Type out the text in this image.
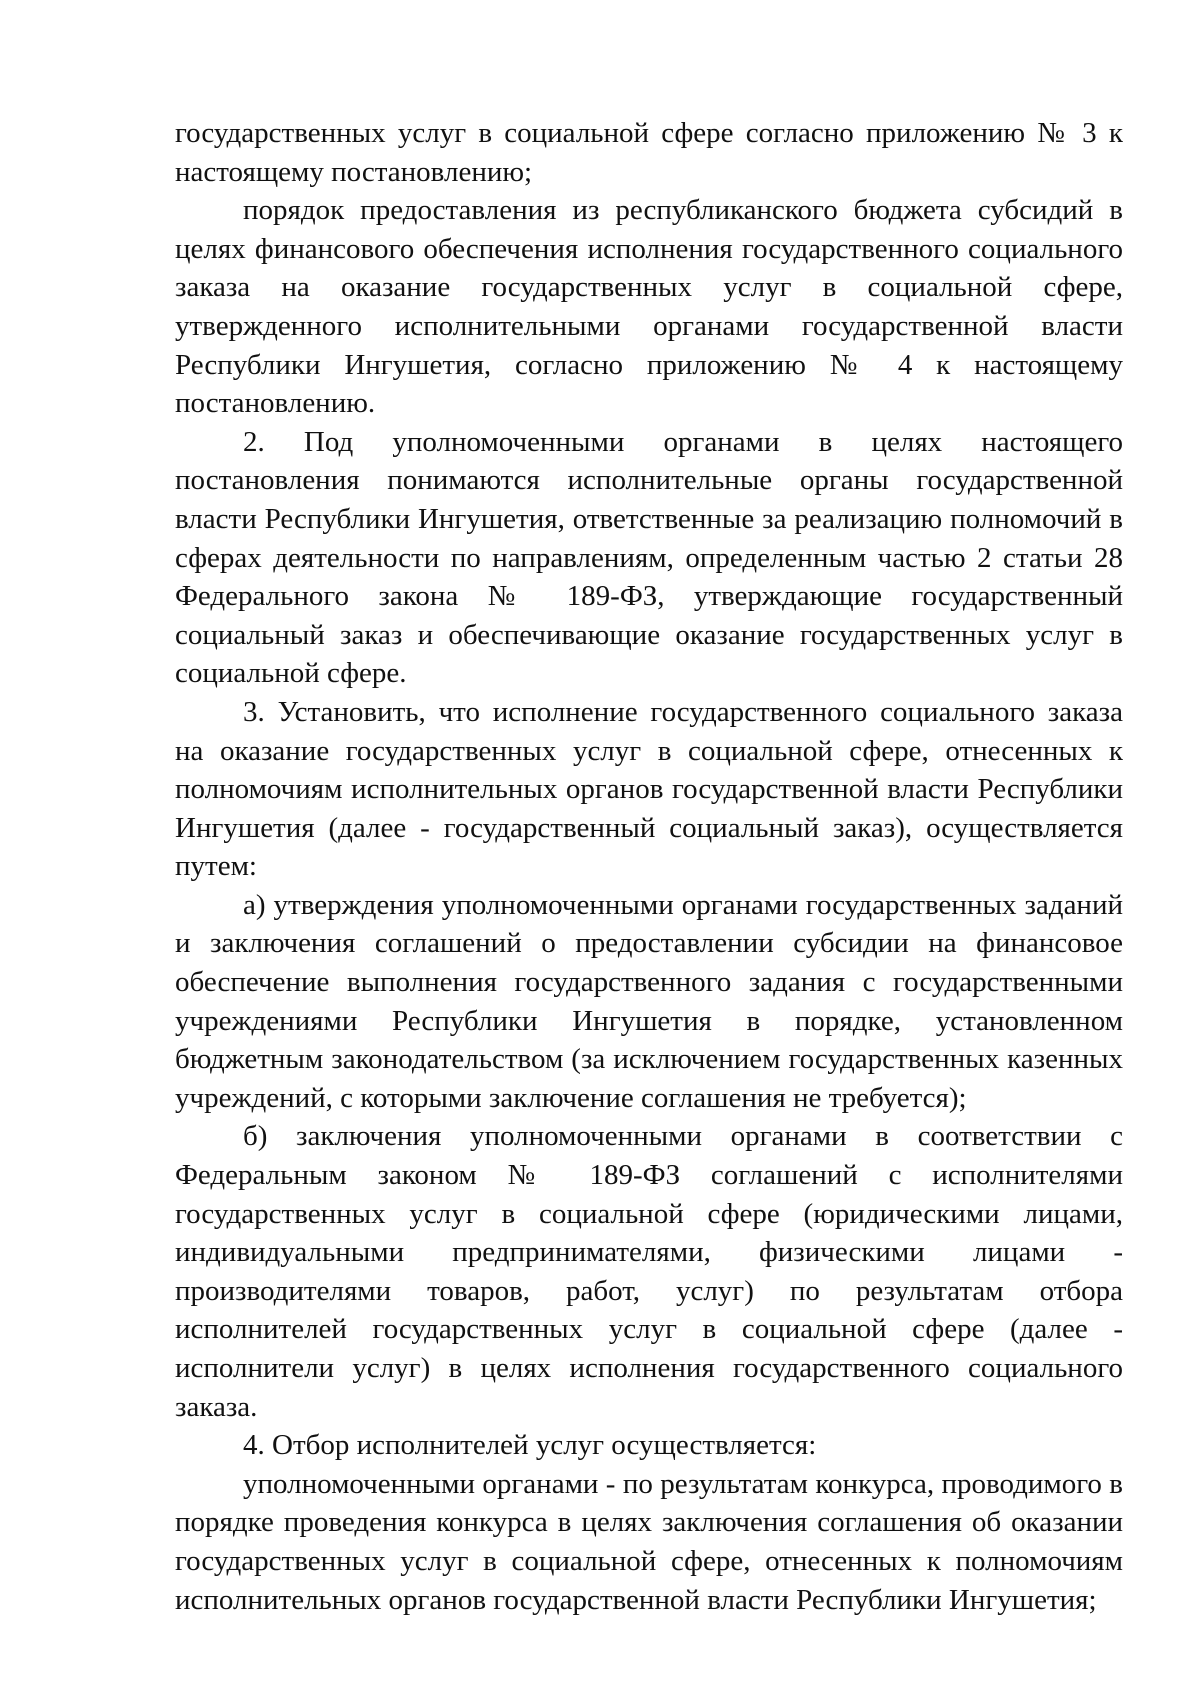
государственных услуг в социальной сфере согласно приложению № 3 к настоящему постановлению;

порядок предоставления из республиканского бюджета субсидий в целях финансового обеспечения исполнения государственного социального заказа на оказание государственных услуг в социальной сфере, утвержденного исполнительными органами государственной власти Республики Ингушетия, согласно приложению № 4 к настоящему постановлению.

2. Под уполномоченными органами в целях настоящего постановления понимаются исполнительные органы государственной власти Республики Ингушетия, ответственные за реализацию полномочий в сферах деятельности по направлениям, определенным частью 2 статьи 28 Федерального закона № 189-ФЗ, утверждающие государственный социальный заказ и обеспечивающие оказание государственных услуг в социальной сфере.

3. Установить, что исполнение государственного социального заказа на оказание государственных услуг в социальной сфере, отнесенных к полномочиям исполнительных органов государственной власти Республики Ингушетия (далее - государственный социальный заказ), осуществляется путем:

а) утверждения уполномоченными органами государственных заданий и заключения соглашений о предоставлении субсидии на финансовое обеспечение выполнения государственного задания с государственными учреждениями Республики Ингушетия в порядке, установленном бюджетным законодательством (за исключением государственных казенных учреждений, с которыми заключение соглашения не требуется);

б) заключения уполномоченными органами в соответствии с Федеральным законом № 189-ФЗ соглашений с исполнителями государственных услуг в социальной сфере (юридическими лицами, индивидуальными предпринимателями, физическими лицами - производителями товаров, работ, услуг) по результатам отбора исполнителей государственных услуг в социальной сфере (далее - исполнители услуг) в целях исполнения государственного социального заказа.

4. Отбор исполнителей услуг осуществляется:

уполномоченными органами - по результатам конкурса, проводимого в порядке проведения конкурса в целях заключения соглашения об оказании государственных услуг в социальной сфере, отнесенных к полномочиям исполнительных органов государственной власти Республики Ингушетия;
